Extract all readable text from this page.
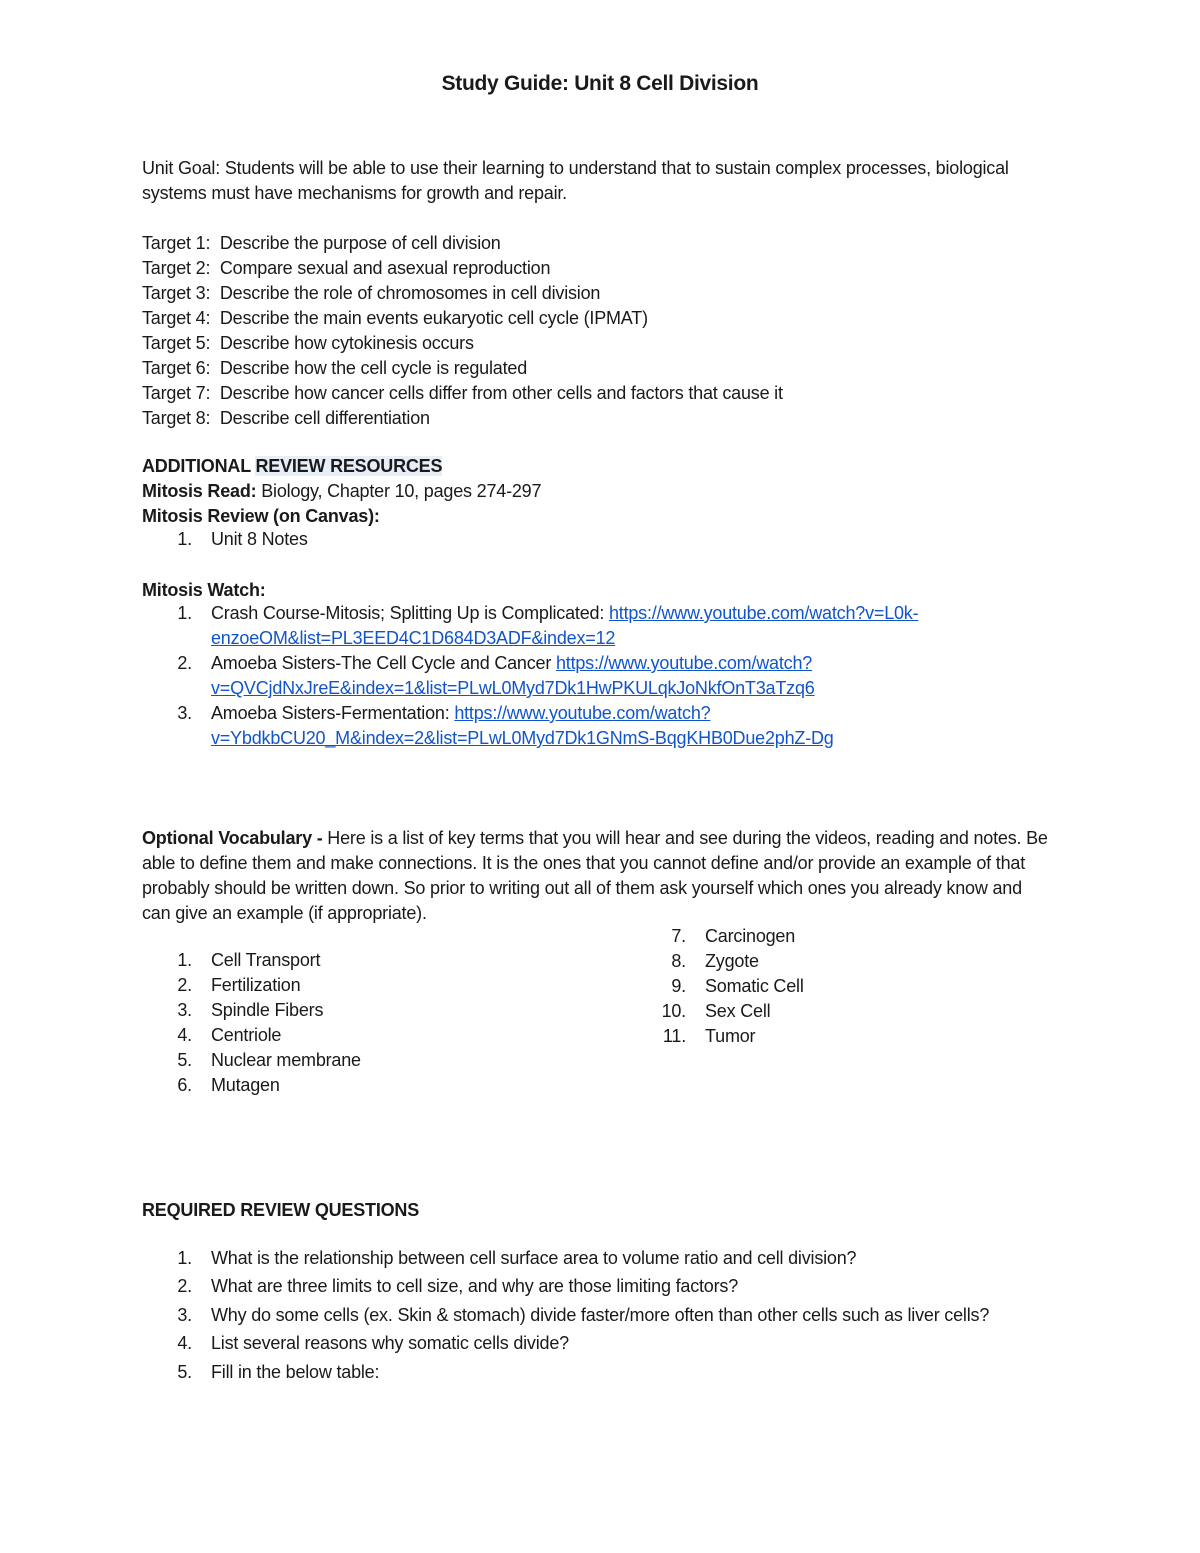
Study Guide: Unit 8 Cell Division
Unit Goal: Students will be able to use their learning to understand that to sustain complex processes, biological
systems must have mechanisms for growth and repair.
Target 1: Describe the purpose of cell division
Target 2: Compare sexual and asexual reproduction
Target 3: Describe the role of chromosomes in cell division
Target 4: Describe the main events eukaryotic cell cycle (IPMAT)
Target 5: Describe how cytokinesis occurs
Target 6: Describe how the cell cycle is regulated
Target 7: Describe how cancer cells differ from other cells and factors that cause it
Target 8: Describe cell differentiation
ADDITIONAL REVIEW RESOURCES
Mitosis Read: Biology, Chapter 10, pages 274-297
Mitosis Review (on Canvas):
1. Unit 8 Notes
Mitosis Watch:
1. Crash Course-Mitosis; Splitting Up is Complicated: https://www.youtube.com/watch?v=L0k-
enzoeOM&list=PL3EED4C1D684D3ADF&index=12
2. Amoeba Sisters-The Cell Cycle and Cancer https://www.youtube.com/watch?
v=QVCjdNxJreE&index=1&list=PLwL0Myd7Dk1HwPKULqkJoNkfOnT3aTzq6
3. Amoeba Sisters-Fermentation: https://www.youtube.com/watch?
v=YbdkbCU20_M&index=2&list=PLwL0Myd7Dk1GNmS-BqgKHB0Due2phZ-Dg
Optional Vocabulary - Here is a list of key terms that you will hear and see during the videos, reading and notes. Be
able to define them and make connections. It is the ones that you cannot define and/or provide an example of that
probably should be written down. So prior to writing out all of them ask yourself which ones you already know and
can give an example (if appropriate).
1. Cell Transport
2. Fertilization
3. Spindle Fibers
4. Centriole
5. Nuclear membrane
6. Mutagen
7. Carcinogen
8. Zygote
9. Somatic Cell
10. Sex Cell
11. Tumor
REQUIRED REVIEW QUESTIONS
1. What is the relationship between cell surface area to volume ratio and cell division?
2. What are three limits to cell size, and why are those limiting factors?
3. Why do some cells (ex. Skin & stomach) divide faster/more often than other cells such as liver cells?
4. List several reasons why somatic cells divide?
5. Fill in the below table:
